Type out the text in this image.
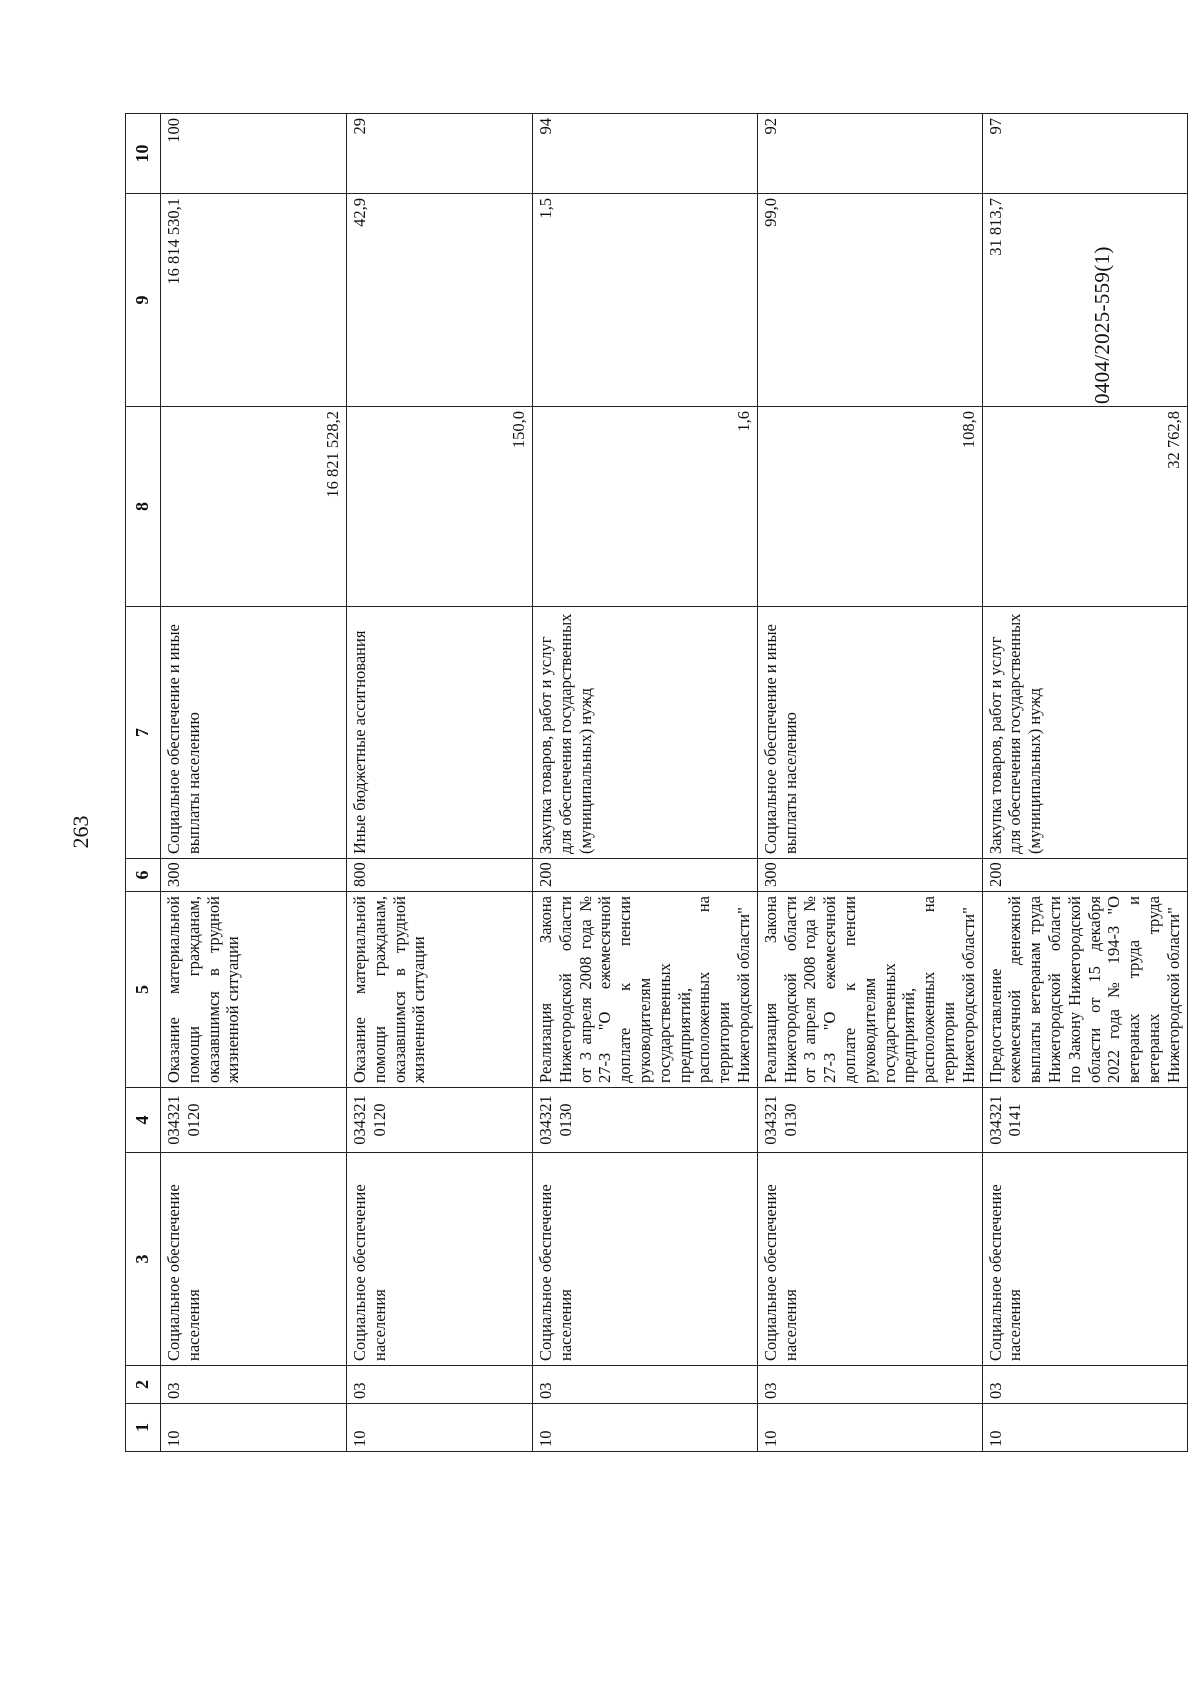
263
1	2	3	4	5	6	7	8	9	10
10	03	Социальное обеспечение населения	0343210120	Оказание материальной помощи гражданам, оказавшимся в трудной жизненной ситуации	300	Социальное обеспечение и иные выплаты населению	16 821 528,2	16 814 530,1	100
10	03	Социальное обеспечение населения	0343210120	Оказание материальной помощи гражданам, оказавшимся в трудной жизненной ситуации	800	Иные бюджетные ассигнования	150,0	42,9	29
10	03	Социальное обеспечение населения	0343210130	Реализация Закона Нижегородской области от 3 апреля 2008 года № 27-З "О ежемесячной доплате к пенсии руководителям государственных предприятий, расположенных на территории Нижегородской области"	200	Закупка товаров, работ и услуг для обеспечения государственных (муниципальных) нужд	1,6	1,5	94
10	03	Социальное обеспечение населения	0343210130	Реализация Закона Нижегородской области от 3 апреля 2008 года № 27-З "О ежемесячной доплате к пенсии руководителям государственных предприятий, расположенных на территории Нижегородской области"	300	Социальное обеспечение и иные выплаты населению	108,0	99,0	92
10	03	Социальное обеспечение населения	0343210141	Предоставление ежемесячной денежной выплаты ветеранам труда Нижегородской области по Закону Нижегородской области от 15 декабря 2022 года № 194-З "О ветеранах труда и ветеранах труда Нижегородской области"	200	Закупка товаров, работ и услуг для обеспечения государственных (муниципальных) нужд	32 762,8	31 813,7	97
0404/2025-559(1)
